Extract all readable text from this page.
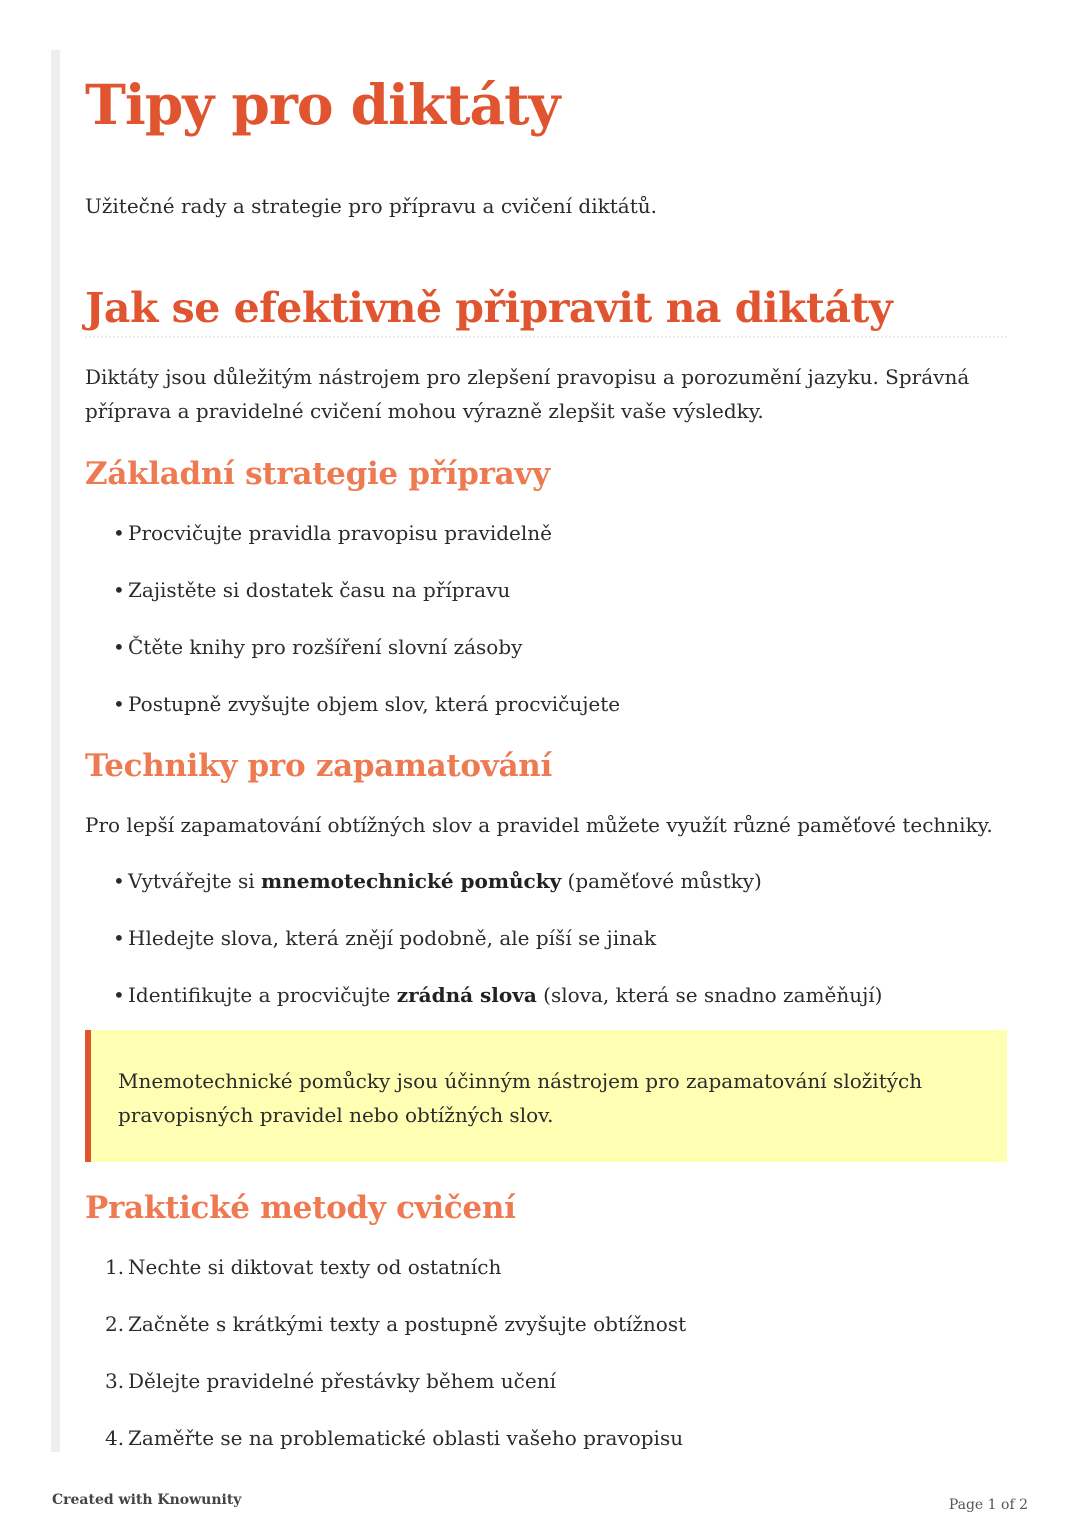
Tipy pro diktáty

Užitečné rady a strategie pro přípravu a cvičení diktátů.

Jak se efektivně připravit na diktáty

Diktáty jsou důležitým nástrojem pro zlepšení pravopisu a porozumění jazyku. Správná příprava a pravidelné cvičení mohou výrazně zlepšit vaše výsledky.

Základní strategie přípravy
• Procvičujte pravidla pravopisu pravidelně
• Zajistěte si dostatek času na přípravu
• Čtěte knihy pro rozšíření slovní zásoby
• Postupně zvyšujte objem slov, která procvičujete
Techniky pro zapamatování

Pro lepší zapamatování obtížných slov a pravidel můžete využít různé paměťové techniky.

• Vytvářejte si mnemotechnické pomůcky (paměťové můstky)
• Hledejte slova, která znějí podobně, ale píší se jinak
• Identifikujte a procvičujte zrádná slova (slova, která se snadno zaměňují)

Mnemotechnické pomůcky jsou účinným nástrojem pro zapamatování složitých pravopisných pravidel nebo obtížných slov.

Praktické metody cvičení
1. Nechte si diktovat texty od ostatních
2. Začněte s krátkými texty a postupně zvyšujte obtížnost
3. Dělejte pravidelné přestávky během učení
4. Zaměřte se na problematické oblasti vašeho pravopisu
Created with Knowunity	Page 1 of 2
